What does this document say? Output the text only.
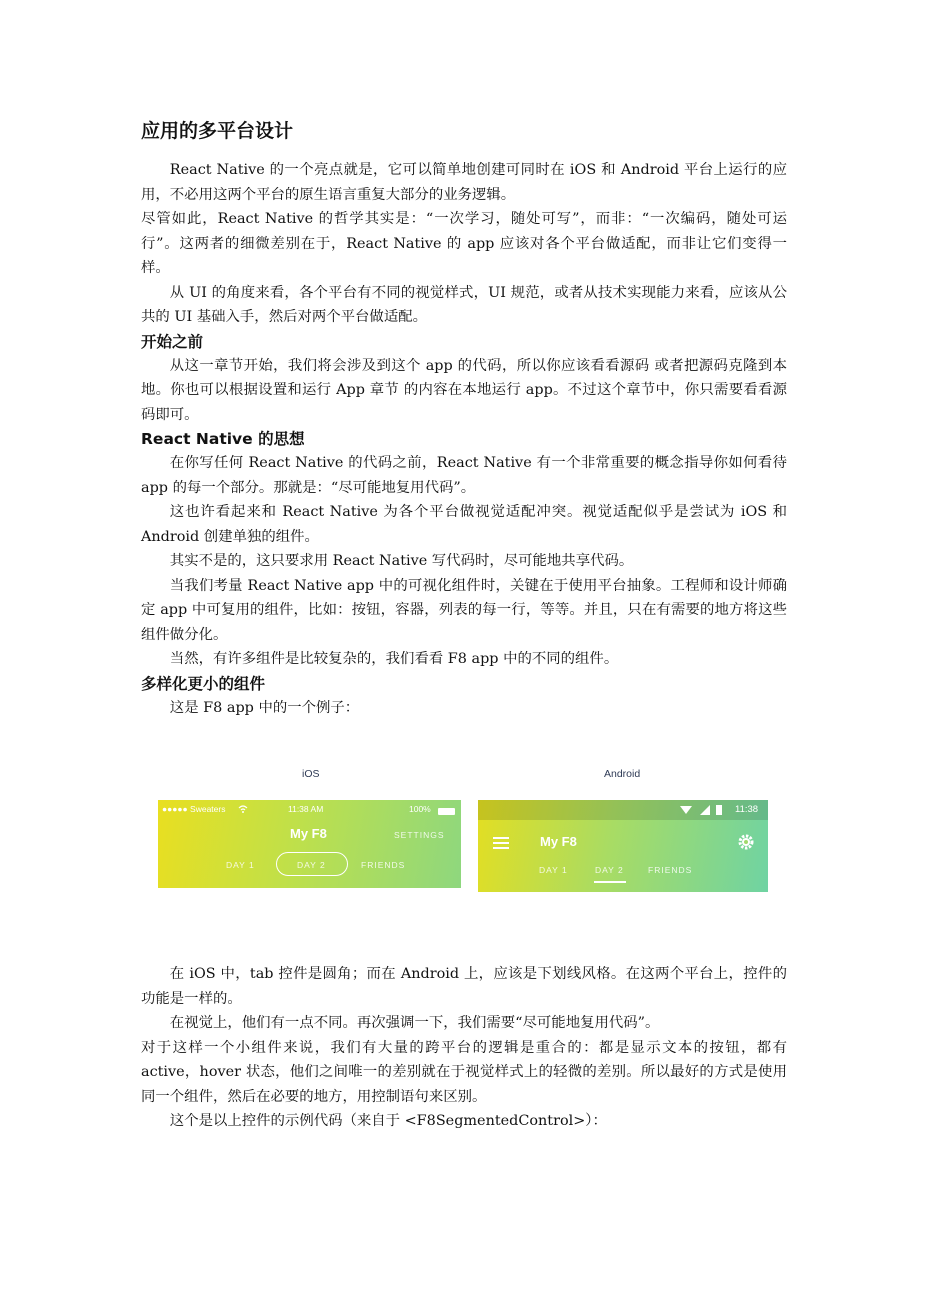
应用的多平台设计

React Native 的一个亮点就是，它可以简单地创建可同时在 iOS 和 Android 平台上运行的应用，不必用这两个平台的原生语言重复大部分的业务逻辑。

尽管如此，React Native 的哲学其实是：“一次学习，随处可写”，而非：“一次编码，随处可运行”。这两者的细微差别在于，React Native 的 app 应该对各个平台做适配，而非让它们变得一样。

从 UI 的角度来看，各个平台有不同的视觉样式，UI 规范，或者从技术实现能力来看，应该从公共的 UI 基础入手，然后对两个平台做适配。

开始之前

从这一章节开始，我们将会涉及到这个 app 的代码，所以你应该看看源码 或者把源码克隆到本地。你也可以根据设置和运行 App 章节 的内容在本地运行 app。不过这个章节中，你只需要看看源码即可。

React Native 的思想

在你写任何 React Native 的代码之前，React Native 有一个非常重要的概念指导你如何看待 app 的每一个部分。那就是：“尽可能地复用代码”。

这也许看起来和 React Native 为各个平台做视觉适配冲突。视觉适配似乎是尝试为 iOS 和 Android 创建单独的组件。

其实不是的，这只要求用 React Native 写代码时，尽可能地共享代码。

当我们考量 React Native app 中的可视化组件时，关键在于使用平台抽象。工程师和设计师确定 app 中可复用的组件，比如：按钮，容器，列表的每一行，等等。并且，只在有需要的地方将这些组件做分化。

当然，有许多组件是比较复杂的，我们看看 F8 app 中的不同的组件。

多样化更小的组件

这是 F8 app 中的一个例子：

iOS	Android
●●●●● Sweaters	11:38 AM	100%
My F8	SETTINGS
DAY 1	DAY 2	FRIENDS
11:38
My F8
DAY 1	DAY 2	FRIENDS

在 iOS 中，tab 控件是圆角；而在 Android 上，应该是下划线风格。在这两个平台上，控件的功能是一样的。

在视觉上，他们有一点不同。再次强调一下，我们需要“尽可能地复用代码”。

对于这样一个小组件来说，我们有大量的跨平台的逻辑是重合的：都是显示文本的按钮，都有 active，hover 状态，他们之间唯一的差别就在于视觉样式上的轻微的差别。所以最好的方式是使用同一个组件，然后在必要的地方，用控制语句来区别。

这个是以上控件的示例代码（来自于 <F8SegmentedControl>）：
